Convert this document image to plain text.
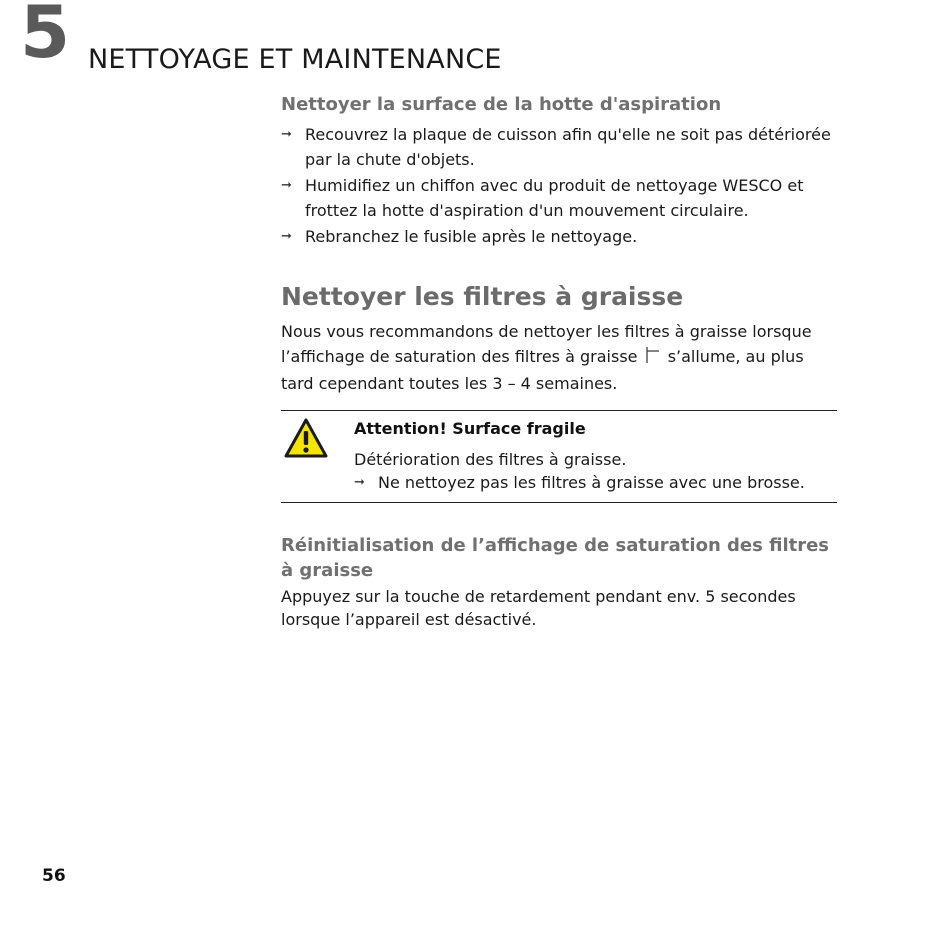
5 NETTOYAGE ET MAINTENANCE
Nettoyer la surface de la hotte d'aspiration
➞ Recouvrez la plaque de cuisson afin qu'elle ne soit pas détériorée par la chute d'objets.
➞ Humidifiez un chiffon avec du produit de nettoyage WESCO et frottez la hotte d'aspiration d'un mouvement circulaire.
➞ Rebranchez le fusible après le nettoyage.
Nettoyer les filtres à graisse
Nous vous recommandons de nettoyer les filtres à graisse lorsque l’affichage de saturation des filtres à graisse s’allume, au plus tard cependant toutes les 3 – 4 semaines.
Attention! Surface fragile
Détérioration des filtres à graisse.
➞ Ne nettoyez pas les filtres à graisse avec une brosse.
Réinitialisation de l’affichage de saturation des filtres à graisse
Appuyez sur la touche de retardement pendant env. 5 secondes lorsque l’appareil est désactivé.
56
